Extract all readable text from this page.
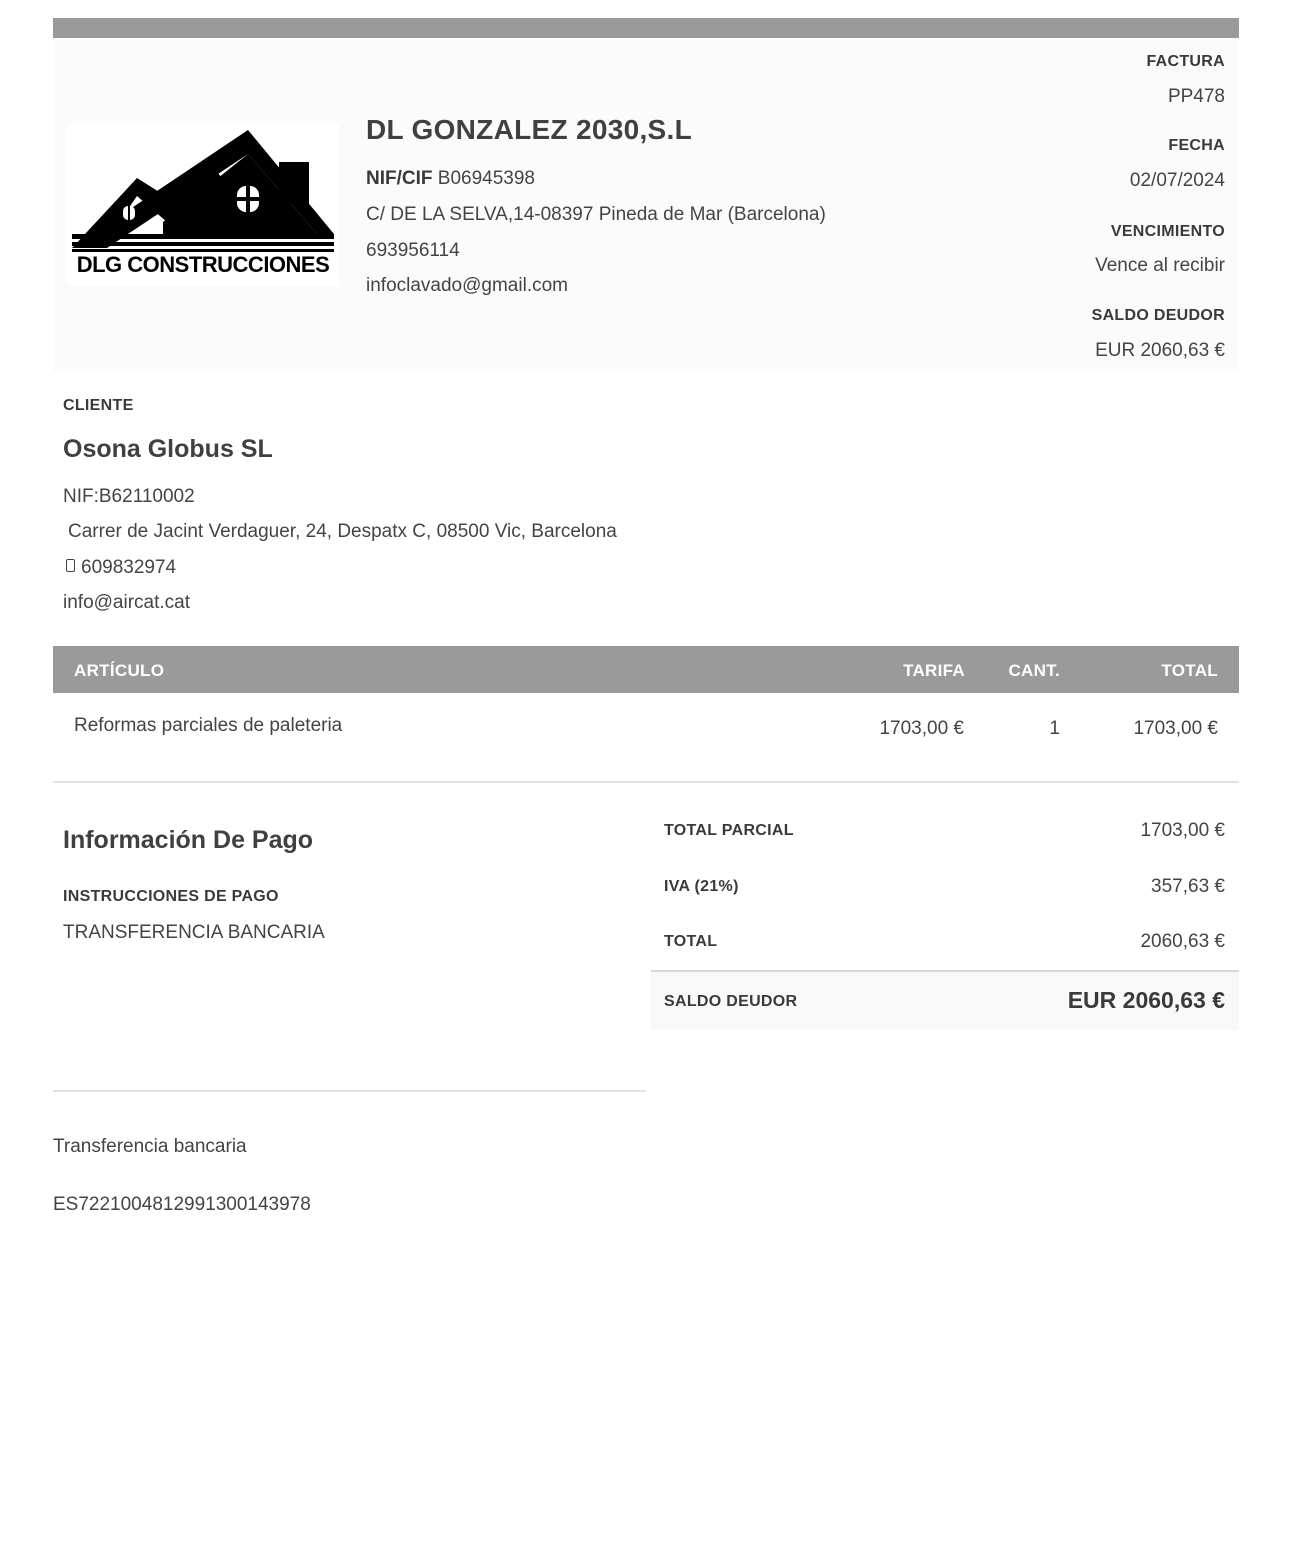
DLG CONSTRUCCIONES
DL GONZALEZ 2030,S.L
NIF/CIF B06945398
C/ DE LA SELVA,14-08397 Pineda de Mar (Barcelona)
693956114
infoclavado@gmail.com
FACTURA
PP478
FECHA
02/07/2024
VENCIMIENTO
Vence al recibir
SALDO DEUDOR
EUR 2060,63 €
CLIENTE
Osona Globus SL
NIF:B62110002
Carrer de Jacint Verdaguer, 24, Despatx C, 08500 Vic, Barcelona
609832974
info@aircat.cat
ARTÍCULO	TARIFA	CANT.	TOTAL
Reformas parciales de paleteria	1703,00 €	1	1703,00 €
Información De Pago
INSTRUCCIONES DE PAGO
TRANSFERENCIA BANCARIA
TOTAL PARCIAL	1703,00 €
IVA (21%)	357,63 €
TOTAL	2060,63 €
SALDO DEUDOR	EUR 2060,63 €
Transferencia bancaria
ES7221004812991300143978
